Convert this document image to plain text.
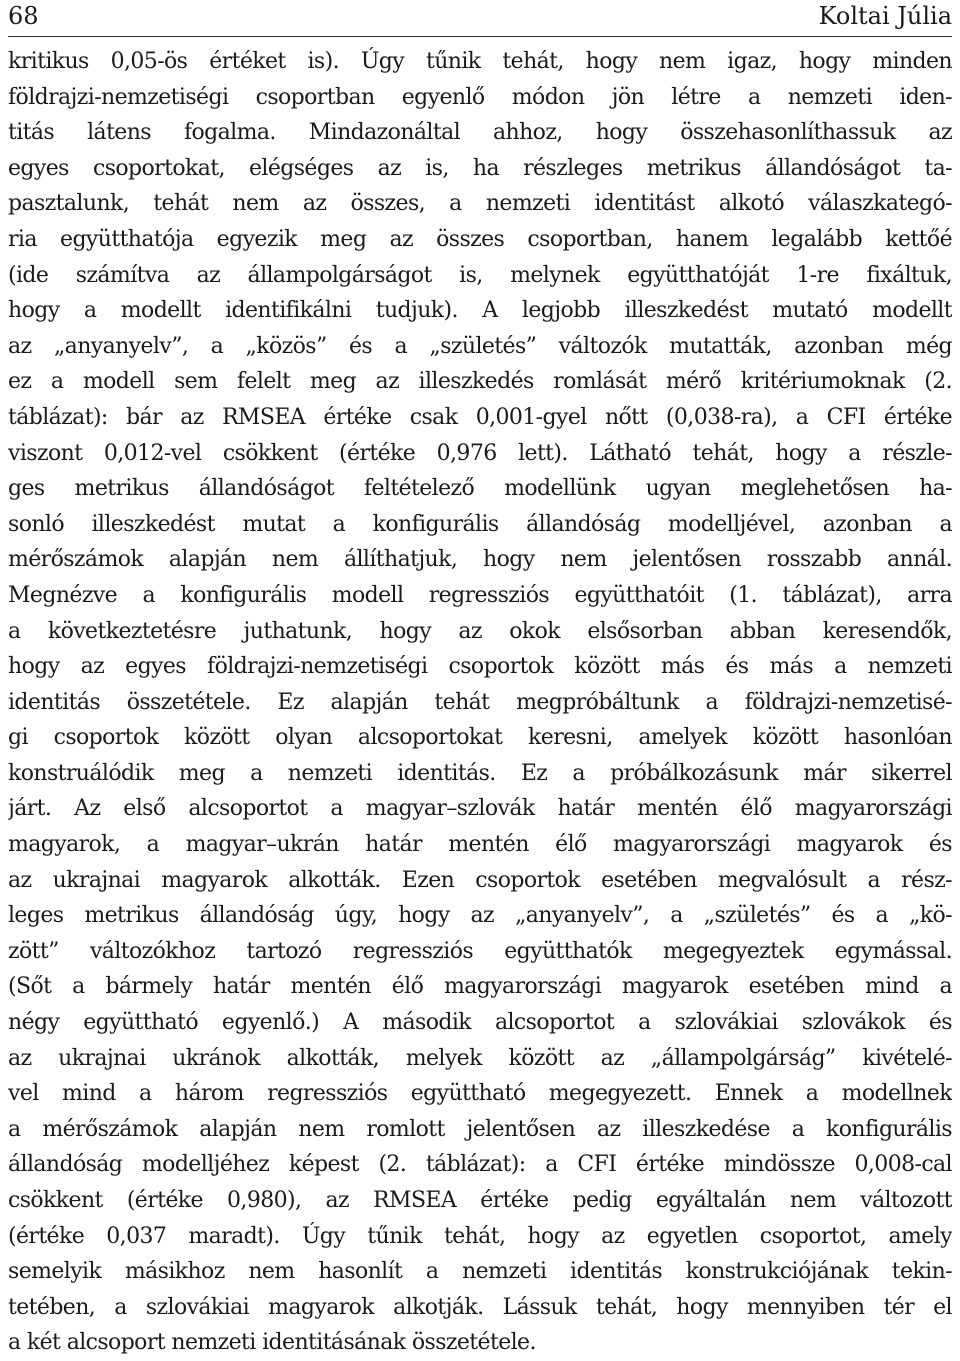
68	Koltai Júlia
kritikus 0,05-ös értéket is). Úgy tűnik tehát, hogy nem igaz, hogy minden
földrajzi-nemzetiségi csoportban egyenlő módon jön létre a nemzeti iden-
titás látens fogalma. Mindazonáltal ahhoz, hogy összehasonlíthassuk az
egyes csoportokat, elégséges az is, ha részleges metrikus állandóságot ta-
pasztalunk, tehát nem az összes, a nemzeti identitást alkotó válaszkategó-
ria együtthatója egyezik meg az összes csoportban, hanem legalább kettőé
(ide számítva az állampolgárságot is, melynek együtthatóját 1-re fixáltuk,
hogy a modellt identifikálni tudjuk). A legjobb illeszkedést mutató modellt
az „anyanyelv”, a „közös” és a „születés” változók mutatták, azonban még
ez a modell sem felelt meg az illeszkedés romlását mérő kritériumoknak (2.
táblázat): bár az RMSEA értéke csak 0,001-gyel nőtt (0,038-ra), a CFI értéke
viszont 0,012-vel csökkent (értéke 0,976 lett). Látható tehát, hogy a részle-
ges metrikus állandóságot feltételező modellünk ugyan meglehetősen ha-
sonló illeszkedést mutat a konfigurális állandóság modelljével, azonban a
mérőszámok alapján nem állíthatjuk, hogy nem jelentősen rosszabb annál.
Megnézve a konfigurális modell regressziós együtthatóit (1. táblázat), arra
a következtetésre juthatunk, hogy az okok elsősorban abban keresendők,
hogy az egyes földrajzi-nemzetiségi csoportok között más és más a nemzeti
identitás összetétele. Ez alapján tehát megpróbáltunk a földrajzi-nemzetisé-
gi csoportok között olyan alcsoportokat keresni, amelyek között hasonlóan
konstruálódik meg a nemzeti identitás. Ez a próbálkozásunk már sikerrel
járt. Az első alcsoportot a magyar–szlovák határ mentén élő magyarországi
magyarok, a magyar–ukrán határ mentén élő magyarországi magyarok és
az ukrajnai magyarok alkották. Ezen csoportok esetében megvalósult a rész-
leges metrikus állandóság úgy, hogy az „anyanyelv”, a „születés” és a „kö-
zött” változókhoz tartozó regressziós együtthatók megegyeztek egymással.
(Sőt a bármely határ mentén élő magyarországi magyarok esetében mind a
négy együttható egyenlő.) A második alcsoportot a szlovákiai szlovákok és
az ukrajnai ukránok alkották, melyek között az „állampolgárság” kivételé-
vel mind a három regressziós együttható megegyezett. Ennek a modellnek
a mérőszámok alapján nem romlott jelentősen az illeszkedése a konfigurális
állandóság modelljéhez képest (2. táblázat): a CFI értéke mindössze 0,008-cal
csökkent (értéke 0,980), az RMSEA értéke pedig egyáltalán nem változott
(értéke 0,037 maradt). Úgy tűnik tehát, hogy az egyetlen csoportot, amely
semelyik másikhoz nem hasonlít a nemzeti identitás konstrukciójának tekin-
tetében, a szlovákiai magyarok alkotják. Lássuk tehát, hogy mennyiben tér el
a két alcsoport nemzeti identitásának összetétele.
